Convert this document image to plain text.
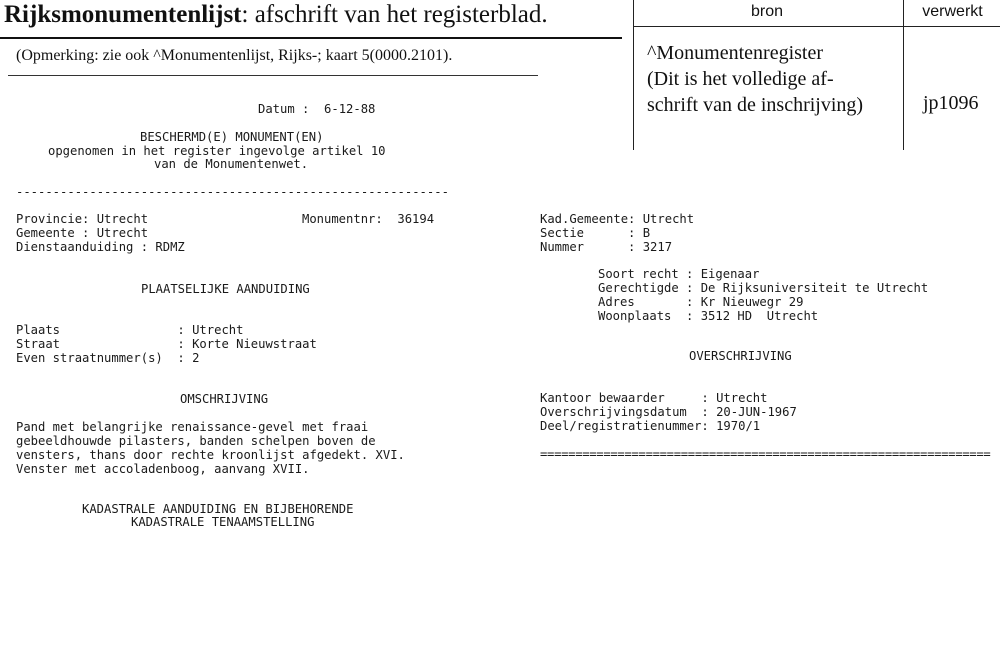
Rijksmonumentenlijst: afschrift van het registerblad.
(Opmerking: zie ook ^Monumentenlijst, Rijks-; kaart 5(0000.2101).
bron	verwerkt
^Monumentenregister
(Dit is het volledige af-
schrift van de inschrijving)	jp1096
Datum :  6-12-88
BESCHERMD(E) MONUMENT(EN)
opgenomen in het register ingevolge artikel 10
van de Monumentenwet.
-----------------------------------------------------------
Provincie: Utrecht	Monumentnr:  36194
Gemeente : Utrecht
Dienstaanduiding : RDMZ
PLAATSELIJKE AANDUIDING
Plaats                : Utrecht
Straat                : Korte Nieuwstraat
Even straatnummer(s)  : 2
OMSCHRIJVING
Pand met belangrijke renaissance-gevel met fraai
gebeeldhouwde pilasters, banden schelpen boven de
vensters, thans door rechte kroonlijst afgedekt. XVI.
Venster met accoladenboog, aanvang XVII.
KADASTRALE AANDUIDING EN BIJBEHORENDE
KADASTRALE TENAAMSTELLING
Kad.Gemeente: Utrecht
Sectie      : B
Nummer      : 3217
Soort recht : Eigenaar
Gerechtigde : De Rijksuniversiteit te Utrecht
Adres       : Kr Nieuwegr 29
Woonplaats  : 3512 HD  Utrecht
OVERSCHRIJVING
Kantoor bewaarder     : Utrecht
Overschrijvingsdatum  : 20-JUN-1967
Deel/registratienummer: 1970/1
================================================================
